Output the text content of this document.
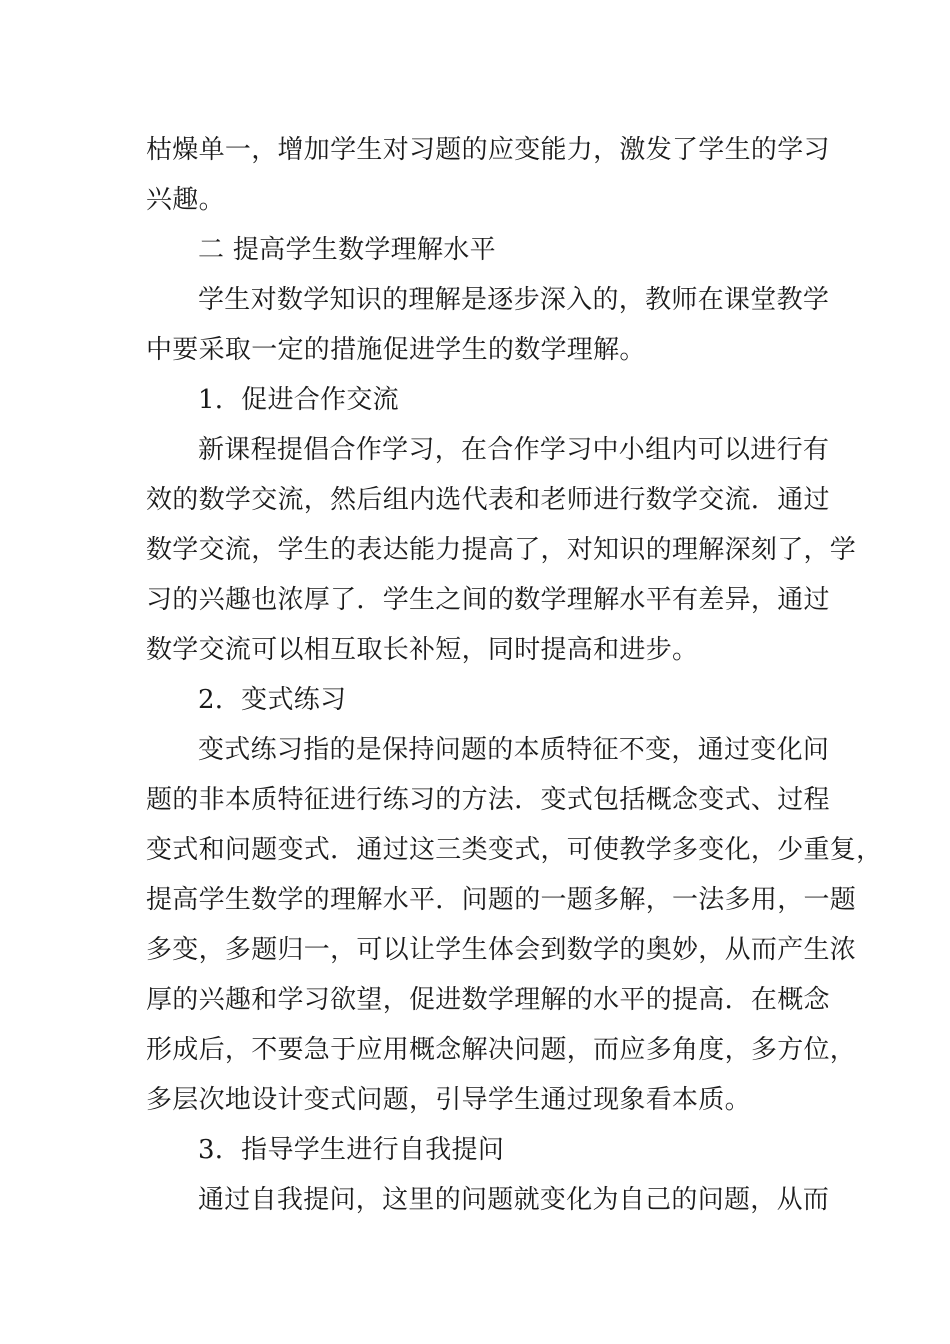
枯燥单一，增加学生对习题的应变能力，激发了学生的学习
兴趣。
二 提高学生数学理解水平
学生对数学知识的理解是逐步深入的，教师在课堂教学
中要采取一定的措施促进学生的数学理解。
1．促进合作交流
新课程提倡合作学习，在合作学习中小组内可以进行有
效的数学交流，然后组内选代表和老师进行数学交流．通过
数学交流，学生的表达能力提高了，对知识的理解深刻了，学
习的兴趣也浓厚了．学生之间的数学理解水平有差异，通过
数学交流可以相互取长补短，同时提高和进步。
2．变式练习
变式练习指的是保持问题的本质特征不变，通过变化问
题的非本质特征进行练习的方法．变式包括概念变式、过程
变式和问题变式．通过这三类变式，可使教学多变化，少重复，
提高学生数学的理解水平．问题的一题多解，一法多用，一题
多变，多题归一，可以让学生体会到数学的奥妙，从而产生浓
厚的兴趣和学习欲望，促进数学理解的水平的提高．在概念
形成后，不要急于应用概念解决问题，而应多角度，多方位，
多层次地设计变式问题，引导学生通过现象看本质。
3．指导学生进行自我提问
通过自我提问，这里的问题就变化为自己的问题，从而
